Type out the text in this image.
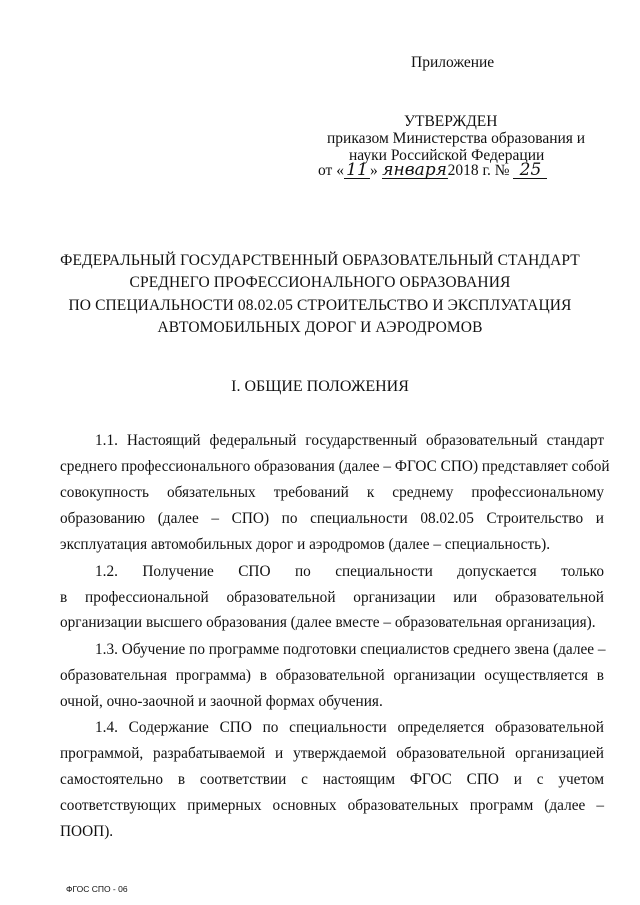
Приложение
УТВЕРЖДЕН
приказом Министерства образования и
науки Российской Федерации
от « 11 » января2018 г. № 25
ФЕДЕРАЛЬНЫЙ ГОСУДАРСТВЕННЫЙ ОБРАЗОВАТЕЛЬНЫЙ СТАНДАРТ
СРЕДНЕГО ПРОФЕССИОНАЛЬНОГО ОБРАЗОВАНИЯ
ПО СПЕЦИАЛЬНОСТИ 08.02.05 СТРОИТЕЛЬСТВО И ЭКСПЛУАТАЦИЯ
АВТОМОБИЛЬНЫХ ДОРОГ И АЭРОДРОМОВ
I. ОБЩИЕ ПОЛОЖЕНИЯ
1.1. Настоящий федеральный государственный образовательный стандарт
среднего профессионального образования (далее – ФГОС СПО) представляет собой
совокупность обязательных требований к среднему профессиональному
образованию (далее – СПО) по специальности 08.02.05 Строительство и
эксплуатация автомобильных дорог и аэродромов (далее – специальность).
1.2. Получение СПО по специальности допускается только
в профессиональной образовательной организации или образовательной
организации высшего образования (далее вместе – образовательная организация).
1.3. Обучение по программе подготовки специалистов среднего звена (далее –
образовательная программа) в образовательной организации осуществляется в
очной, очно-заочной и заочной формах обучения.
1.4. Содержание СПО по специальности определяется образовательной
программой, разрабатываемой и утверждаемой образовательной организацией
самостоятельно в соответствии с настоящим ФГОС СПО и с учетом
соответствующих примерных основных образовательных программ (далее –
ПООП).
ФГОС СПО - 06
